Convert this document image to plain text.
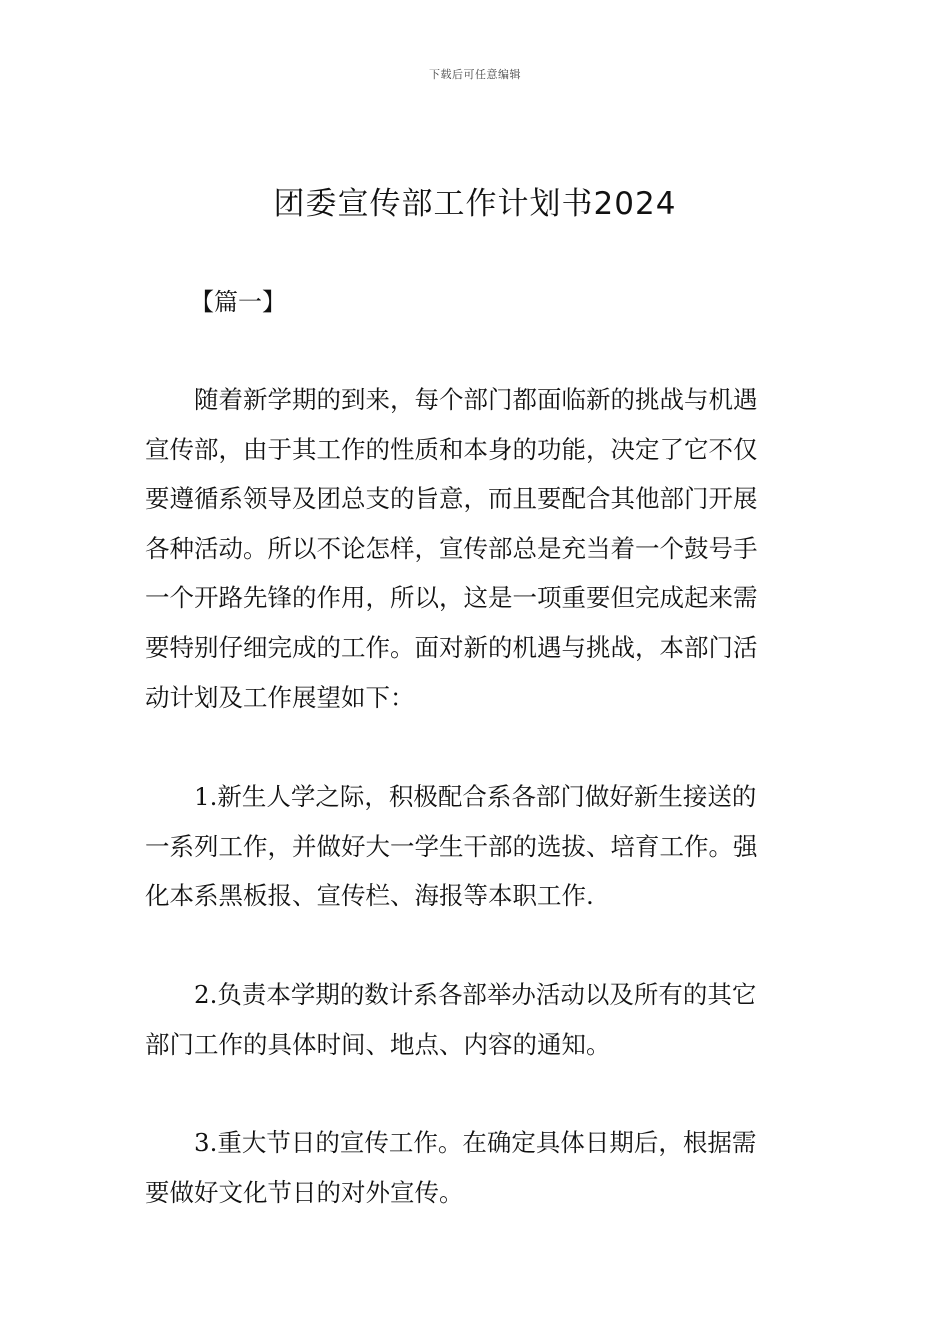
下载后可任意编辑
团委宣传部工作计划书2024

【篇一】

随着新学期的到来，每个部门都面临新的挑战与机遇
宣传部，由于其工作的性质和本身的功能，决定了它不仅
要遵循系领导及团总支的旨意，而且要配合其他部门开展
各种活动。所以不论怎样，宣传部总是充当着一个鼓号手
一个开路先锋的作用，所以，这是一项重要但完成起来需
要特别仔细完成的工作。面对新的机遇与挑战，本部门活
动计划及工作展望如下：

1.新生人学之际，积极配合系各部门做好新生接送的
一系列工作，并做好大一学生干部的选拔、培育工作。强
化本系黑板报、宣传栏、海报等本职工作.

2.负责本学期的数计系各部举办活动以及所有的其它
部门工作的具体时间、地点、内容的通知。

3.重大节日的宣传工作。在确定具体日期后，根据需
要做好文化节日的对外宣传。
